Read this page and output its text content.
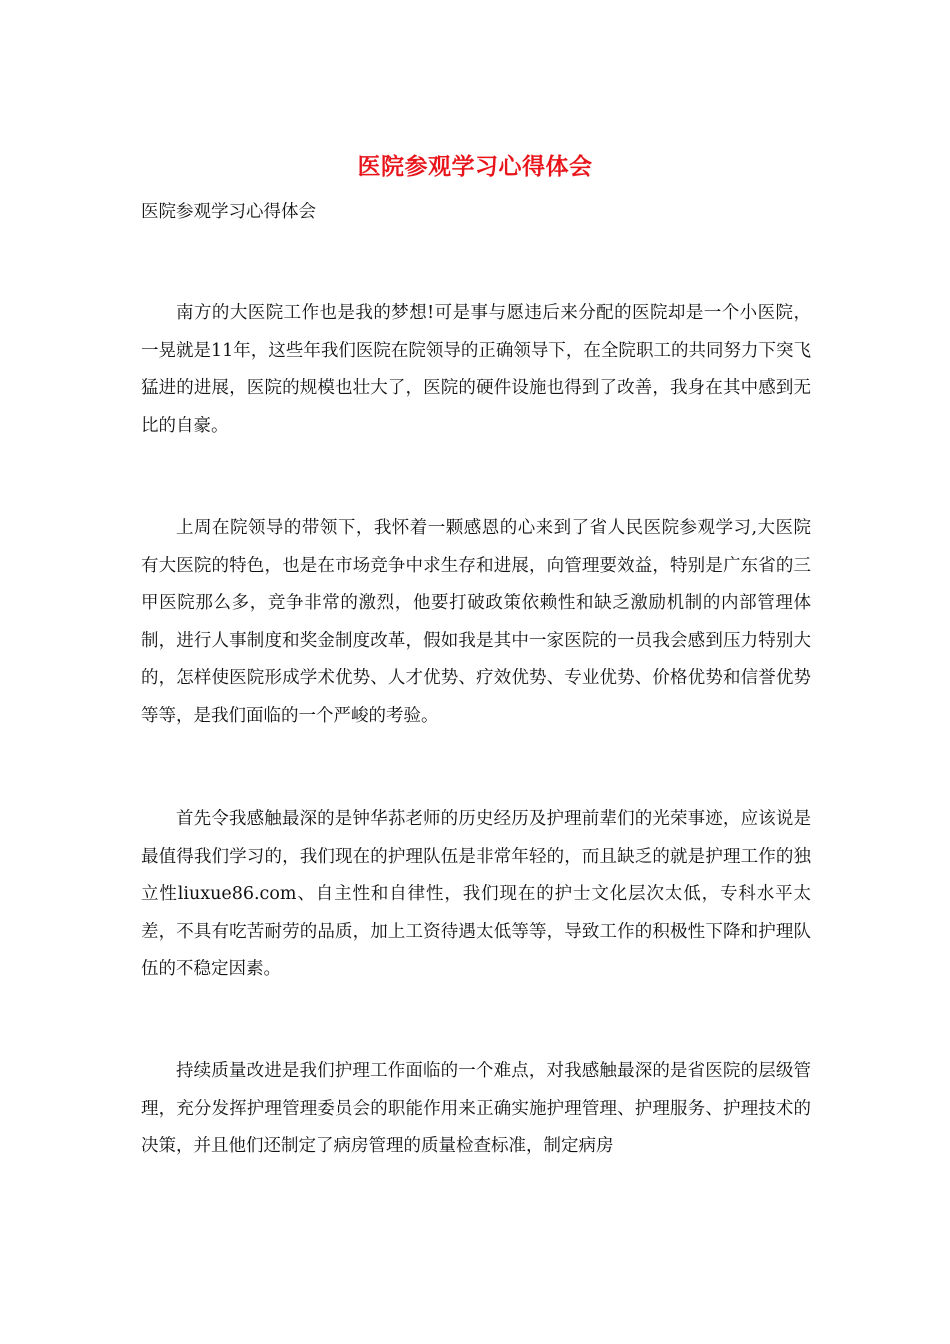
医院参观学习心得体会

医院参观学习心得体会

南方的大医院工作也是我的梦想!可是事与愿违后来分配的医院却是一个小医院，一晃就是11年，这些年我们医院在院领导的正确领导下，在全院职工的共同努力下突飞猛进的进展，医院的规模也壮大了，医院的硬件设施也得到了改善，我身在其中感到无比的自豪。

上周在院领导的带领下，我怀着一颗感恩的心来到了省人民医院参观学习,大医院有大医院的特色，也是在市场竞争中求生存和进展，向管理要效益，特别是广东省的三甲医院那么多，竞争非常的激烈，他要打破政策依赖性和缺乏激励机制的内部管理体制，进行人事制度和奖金制度改革，假如我是其中一家医院的一员我会感到压力特别大的，怎样使医院形成学术优势、人才优势、疗效优势、专业优势、价格优势和信誉优势等等，是我们面临的一个严峻的考验。

首先令我感触最深的是钟华荪老师的历史经历及护理前辈们的光荣事迹，应该说是最值得我们学习的，我们现在的护理队伍是非常年轻的，而且缺乏的就是护理工作的独立性liuxue86.com、自主性和自律性，我们现在的护士文化层次太低，专科水平太差，不具有吃苦耐劳的品质，加上工资待遇太低等等，导致工作的积极性下降和护理队伍的不稳定因素。

持续质量改进是我们护理工作面临的一个难点，对我感触最深的是省医院的层级管理，充分发挥护理管理委员会的职能作用来正确实施护理管理、护理服务、护理技术的决策，并且他们还制定了病房管理的质量检查标准，制定病房
